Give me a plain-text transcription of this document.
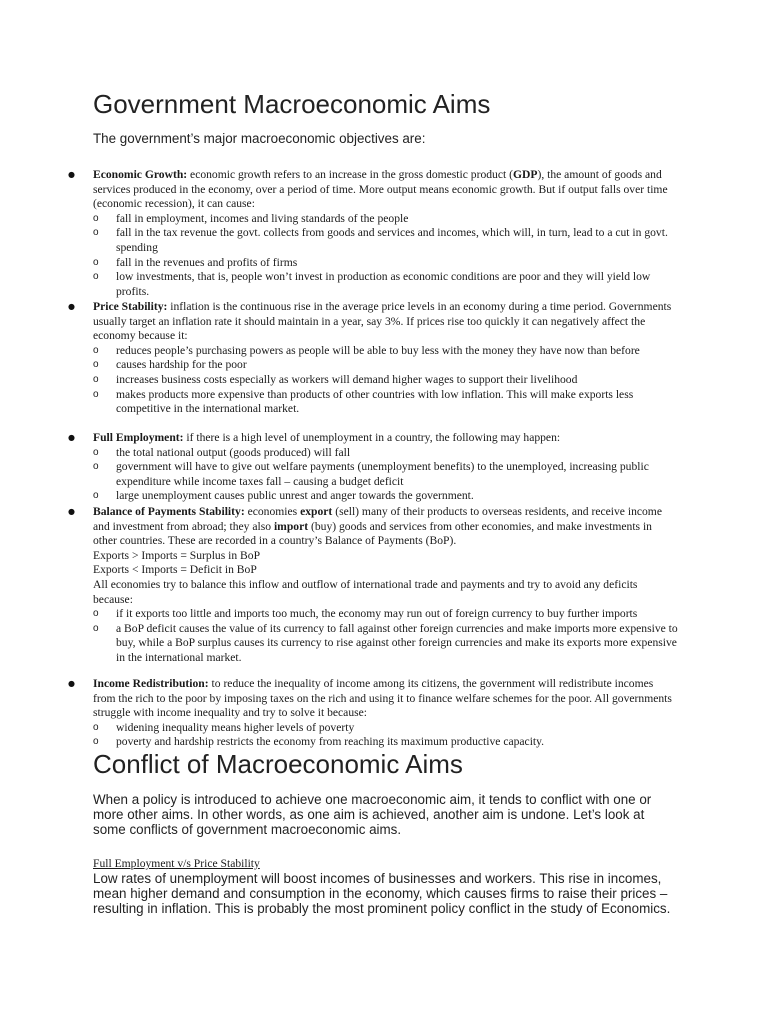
Government Macroeconomic Aims

The government’s major macroeconomic objectives are:

● Economic Growth: economic growth refers to an increase in the gross domestic product (GDP), the amount of goods and services produced in the economy, over a period of time. More output means economic growth. But if output falls over time (economic recession), it can cause:
o fall in employment, incomes and living standards of the people
o fall in the tax revenue the govt. collects from goods and services and incomes, which will, in turn, lead to a cut in govt. spending
o fall in the revenues and profits of firms
o low investments, that is, people won’t invest in production as economic conditions are poor and they will yield low profits.
● Price Stability: inflation is the continuous rise in the average price levels in an economy during a time period. Governments usually target an inflation rate it should maintain in a year, say 3%. If prices rise too quickly it can negatively affect the economy because it:
o reduces people’s purchasing powers as people will be able to buy less with the money they have now than before
o causes hardship for the poor
o increases business costs especially as workers will demand higher wages to support their livelihood
o makes products more expensive than products of other countries with low inflation. This will make exports less competitive in the international market.
● Full Employment: if there is a high level of unemployment in a country, the following may happen:
o the total national output (goods produced) will fall
o government will have to give out welfare payments (unemployment benefits) to the unemployed, increasing public expenditure while income taxes fall – causing a budget deficit
o large unemployment causes public unrest and anger towards the government.
● Balance of Payments Stability: economies export (sell) many of their products to overseas residents, and receive income and investment from abroad; they also import (buy) goods and services from other economies, and make investments in other countries. These are recorded in a country’s Balance of Payments (BoP).
Exports > Imports = Surplus in BoP
Exports < Imports = Deficit in BoP
All economies try to balance this inflow and outflow of international trade and payments and try to avoid any deficits because:
o if it exports too little and imports too much, the economy may run out of foreign currency to buy further imports
o a BoP deficit causes the value of its currency to fall against other foreign currencies and make imports more expensive to buy, while a BoP surplus causes its currency to rise against other foreign currencies and make its exports more expensive in the international market.
● Income Redistribution: to reduce the inequality of income among its citizens, the government will redistribute incomes from the rich to the poor by imposing taxes on the rich and using it to finance welfare schemes for the poor. All governments struggle with income inequality and try to solve it because:
o widening inequality means higher levels of poverty
o poverty and hardship restricts the economy from reaching its maximum productive capacity.
Conflict of Macroeconomic Aims

When a policy is introduced to achieve one macroeconomic aim, it tends to conflict with one or more other aims. In other words, as one aim is achieved, another aim is undone. Let’s look at some conflicts of government macroeconomic aims.

Full Employment v/s Price Stability

Low rates of unemployment will boost incomes of businesses and workers. This rise in incomes, mean higher demand and consumption in the economy, which causes firms to raise their prices – resulting in inflation. This is probably the most prominent policy conflict in the study of Economics.
